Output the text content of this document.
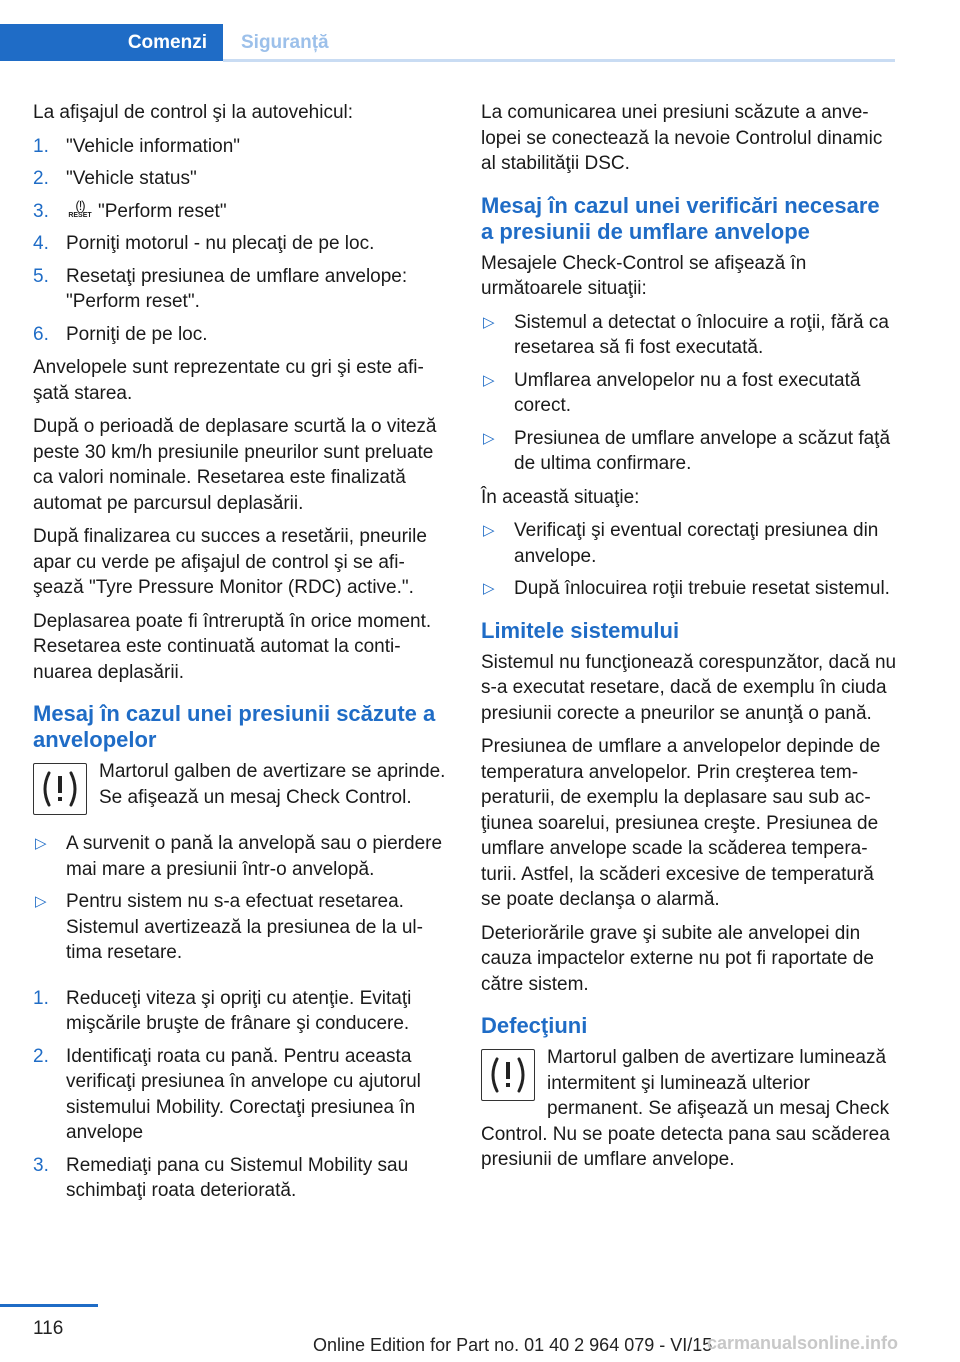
Comenzi	Siguranță

La afişajul de control şi la autovehicul:

1. "Vehicle information"
2. "Vehicle status"
3. (!)
RESET "Perform reset"
4. Porniţi motorul - nu plecaţi de pe loc.
5. Resetaţi presiunea de umflare anvelope: "Perform reset".
6. Porniţi de pe loc.

Anvelopele sunt reprezentate cu gri şi este afişată starea.

După o perioadă de deplasare scurtă la o viteză peste 30 km/h presiunile pneurilor sunt preluate ca valori nominale. Resetarea este finalizată automat pe parcursul deplasării.

După finalizarea cu succes a resetării, pneurile apar cu verde pe afişajul de control şi se afişează "Tyre Pressure Monitor (RDC) active.".

Deplasarea poate fi întreruptă în orice moment. Resetarea este continuată automat la continuarea deplasării.

Mesaj în cazul unei presiunii scăzute a anvelopelor
Martorul galben de avertizare se aprinde. Se afişează un mesaj Check Control.
▷ A survenit o pană la anvelopă sau o pierdere mai mare a presiunii într-o anvelopă.
▷ Pentru sistem nu s-a efectuat resetarea. Sistemul avertizează la presiunea de la ultima resetare.
1. Reduceţi viteza şi opriţi cu atenţie. Evitaţi mişcările bruşte de frânare şi conducere.
2. Identificaţi roata cu pană. Pentru aceasta verificaţi presiunea în anvelope cu ajutorul sistemului Mobility. Corectaţi presiunea în anvelope
3. Remediaţi pana cu Sistemul Mobility sau schimbaţi roata deteriorată.

La comunicarea unei presiuni scăzute a anvelopei se conectează la nevoie Controlul dinamic al stabilităţii DSC.

Mesaj în cazul unei verificări necesare a presiunii de umflare anvelope

Mesajele Check-Control se afişează în următoarele situaţii:

▷ Sistemul a detectat o înlocuire a roţii, fără ca resetarea să fi fost executată.
▷ Umflarea anvelopelor nu a fost executată corect.
▷ Presiunea de umflare anvelope a scăzut faţă de ultima confirmare.

În această situaţie:

▷ Verificaţi şi eventual corectaţi presiunea din anvelope.
▷ După înlocuirea roţii trebuie resetat sistemul.
Limitele sistemului

Sistemul nu funcţionează corespunzător, dacă nu s-a executat resetare, dacă de exemplu în ciuda presiunii corecte a pneurilor se anunţă o pană.

Presiunea de umflare a anvelopelor depinde de temperatura anvelopelor. Prin creşterea temperaturii, de exemplu la deplasare sau sub acţiunea soarelui, presiunea creşte. Presiunea de umflare anvelope scade la scăderea temperaturii. Astfel, la scăderi excesive de temperatură se poate declanşa o alarmă.

Deteriorările grave şi subite ale anvelopei din cauza impactelor externe nu pot fi raportate de către sistem.

Defecţiuni
Martorul galben de avertizare luminează intermitent şi luminează ulterior permanent. Se afişează un mesaj Check Control. Nu se poate detecta pana sau scăderea presiunii de umflare anvelope.
116
Online Edition for Part no. 01 40 2 964 079 - VI/15
carmanualsonline.info
